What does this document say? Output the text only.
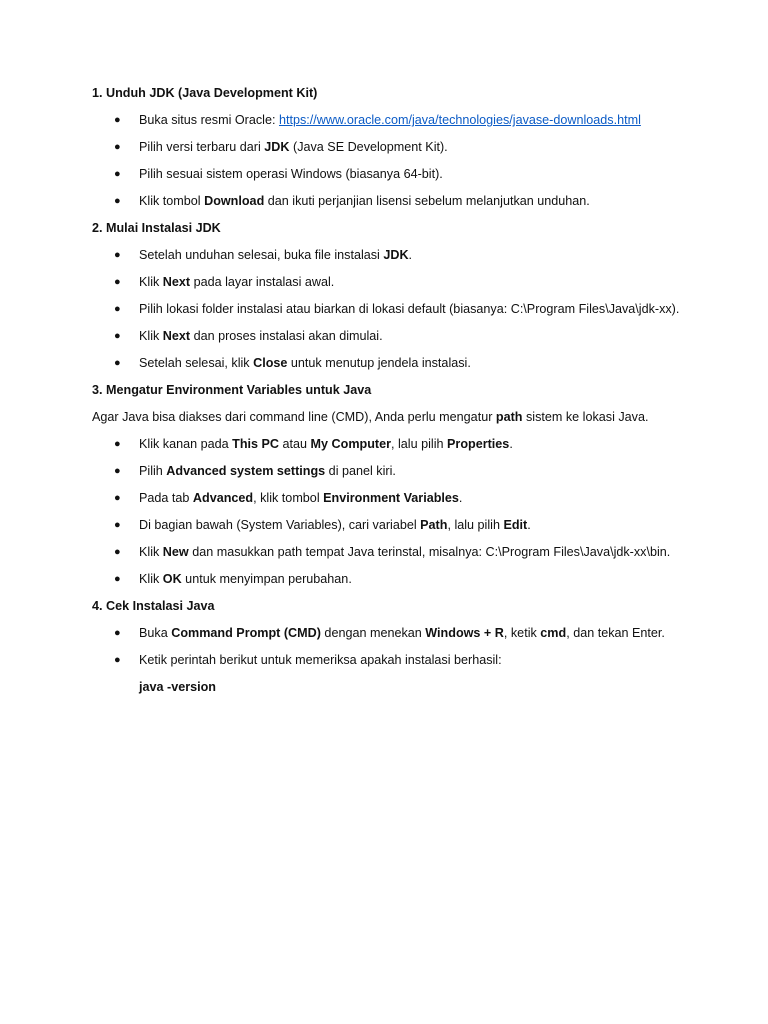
1. Unduh JDK (Java Development Kit)
● Buka situs resmi Oracle: https://www.oracle.com/java/technologies/javase-downloads.html
● Pilih versi terbaru dari JDK (Java SE Development Kit).
● Pilih sesuai sistem operasi Windows (biasanya 64-bit).
● Klik tombol Download dan ikuti perjanjian lisensi sebelum melanjutkan unduhan.
2. Mulai Instalasi JDK
● Setelah unduhan selesai, buka file instalasi JDK.
● Klik Next pada layar instalasi awal.
● Pilih lokasi folder instalasi atau biarkan di lokasi default (biasanya: C:\Program Files\Java\jdk-xx).
● Klik Next dan proses instalasi akan dimulai.
● Setelah selesai, klik Close untuk menutup jendela instalasi.
3. Mengatur Environment Variables untuk Java
Agar Java bisa diakses dari command line (CMD), Anda perlu mengatur path sistem ke lokasi Java.
● Klik kanan pada This PC atau My Computer, lalu pilih Properties.
● Pilih Advanced system settings di panel kiri.
● Pada tab Advanced, klik tombol Environment Variables.
● Di bagian bawah (System Variables), cari variabel Path, lalu pilih Edit.
● Klik New dan masukkan path tempat Java terinstal, misalnya: C:\Program Files\Java\jdk-xx\bin.
● Klik OK untuk menyimpan perubahan.
4. Cek Instalasi Java
● Buka Command Prompt (CMD) dengan menekan Windows + R, ketik cmd, dan tekan Enter.
● Ketik perintah berikut untuk memeriksa apakah instalasi berhasil:
java -version
